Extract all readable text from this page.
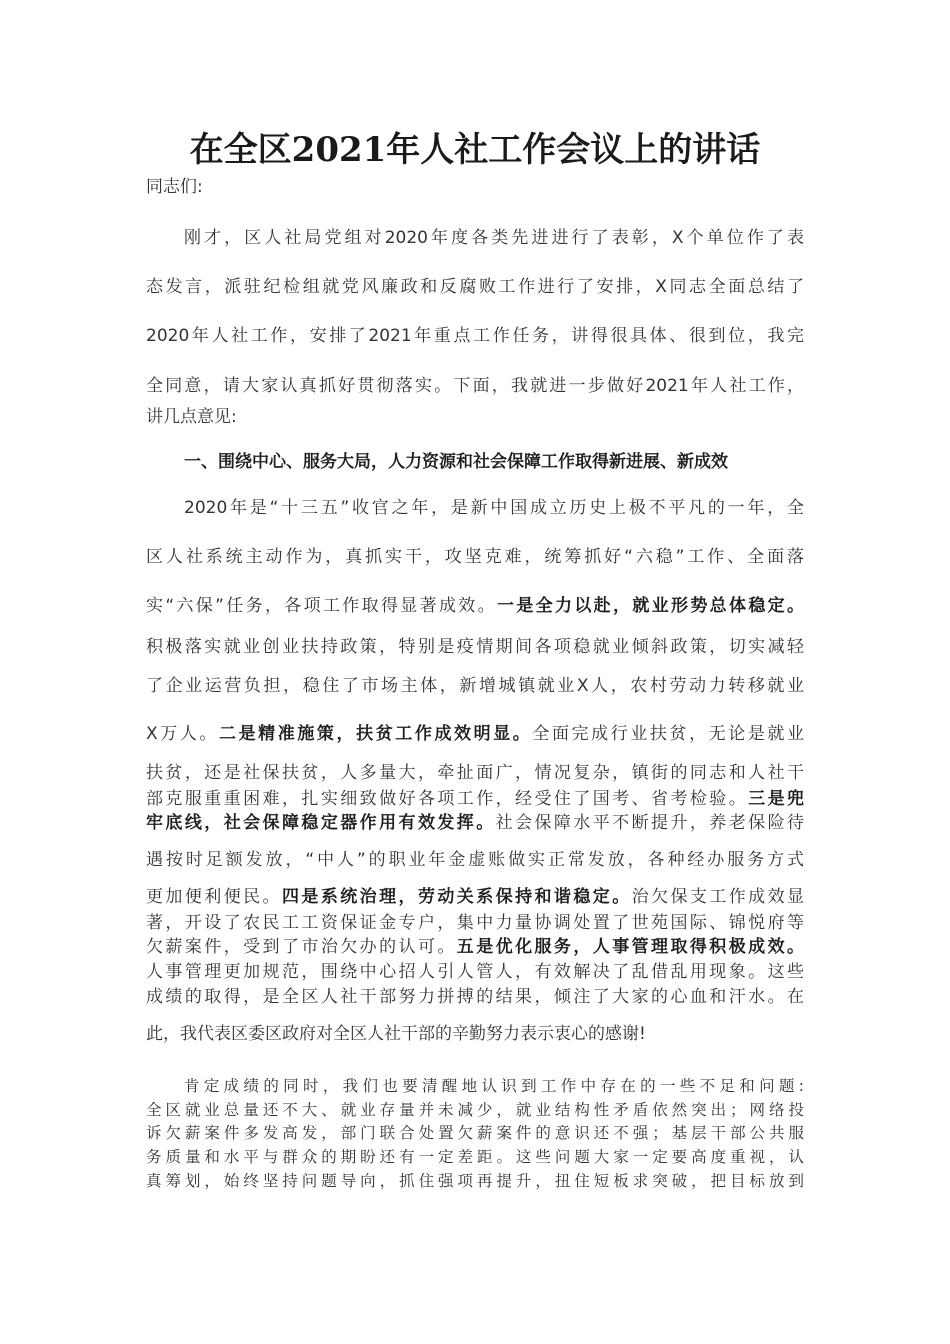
在全区2021年人社工作会议上的讲话
同志们:
刚才，区人社局党组对2020年度各类先进进行了表彰，X个单位作了表
态发言，派驻纪检组就党风廉政和反腐败工作进行了安排，X同志全面总结了
2020年人社工作，安排了2021年重点工作任务，讲得很具体、很到位，我完
全同意，请大家认真抓好贯彻落实。下面，我就进一步做好2021年人社工作，
讲几点意见:
一、围绕中心、服务大局，人力资源和社会保障工作取得新进展、新成效
2020年是“十三五”收官之年，是新中国成立历史上极不平凡的一年，全
区人社系统主动作为，真抓实干，攻坚克难，统筹抓好“六稳”工作、全面落
实“六保”任务，各项工作取得显著成效。一是全力以赴，就业形势总体稳定。
积极落实就业创业扶持政策，特别是疫情期间各项稳就业倾斜政策，切实减轻
了企业运营负担，稳住了市场主体，新增城镇就业X人，农村劳动力转移就业
X万人。二是精准施策，扶贫工作成效明显。全面完成行业扶贫，无论是就业
扶贫，还是社保扶贫，人多量大，牵扯面广，情况复杂，镇街的同志和人社干
部克服重重困难，扎实细致做好各项工作，经受住了国考、省考检验。三是兜
牢底线，社会保障稳定器作用有效发挥。社会保障水平不断提升，养老保险待
遇按时足额发放，“中人”的职业年金虚账做实正常发放，各种经办服务方式
更加便利便民。四是系统治理，劳动关系保持和谐稳定。治欠保支工作成效显
著，开设了农民工工资保证金专户，集中力量协调处置了世苑国际、锦悦府等
欠薪案件，受到了市治欠办的认可。五是优化服务，人事管理取得积极成效。
人事管理更加规范，围绕中心招人引人管人，有效解决了乱借乱用现象。这些
成绩的取得，是全区人社干部努力拼搏的结果，倾注了大家的心血和汗水。在
此，我代表区委区政府对全区人社干部的辛勤努力表示衷心的感谢!
肯定成绩的同时，我们也要清醒地认识到工作中存在的一些不足和问题:
全区就业总量还不大、就业存量并未减少，就业结构性矛盾依然突出；网络投
诉欠薪案件多发高发，部门联合处置欠薪案件的意识还不强；基层干部公共服
务质量和水平与群众的期盼还有一定差距。这些问题大家一定要高度重视，认
真筹划，始终坚持问题导向，抓住强项再提升，扭住短板求突破，把目标放到
